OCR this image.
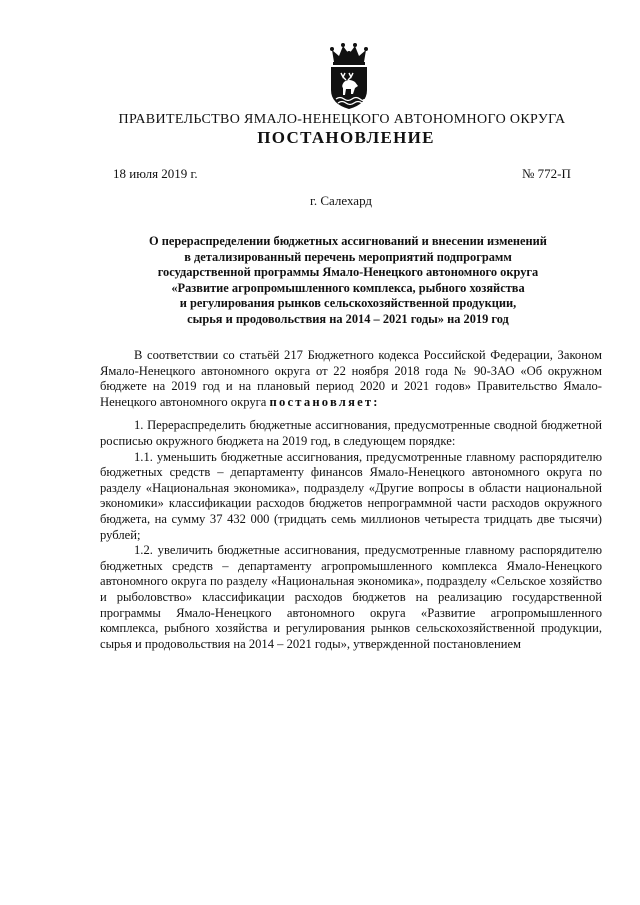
ПРАВИТЕЛЬСТВО ЯМАЛО-НЕНЕЦКОГО АВТОНОМНОГО ОКРУГА
ПОСТАНОВЛЕНИЕ
18 июля 2019 г.	№ 772-П
г. Салехард
О перераспределении бюджетных ассигнований и внесении изменений
в детализированный перечень мероприятий подпрограмм
государственной программы Ямало-Ненецкого автономного округа
«Развитие агропромышленного комплекса, рыбного хозяйства
и регулирования рынков сельскохозяйственной продукции,
сырья и продовольствия на 2014 – 2021 годы» на 2019 год

В соответствии со статьёй 217 Бюджетного кодекса Российской Федерации, Законом Ямало-Ненецкого автономного округа от 22 ноября 2018 года № 90-ЗАО «Об окружном бюджете на 2019 год и на плановый период 2020 и 2021 годов» Правительство Ямало-Ненецкого автономного округа постановляет:

1. Перераспределить бюджетные ассигнования, предусмотренные сводной бюджетной росписью окружного бюджета на 2019 год, в следующем порядке:

1.1. уменьшить бюджетные ассигнования, предусмотренные главному распорядителю бюджетных средств – департаменту финансов Ямало-Ненецкого автономного округа по разделу «Национальная экономика», подразделу «Другие вопросы в области национальной экономики» классификации расходов бюджетов непрограммной части расходов окружного бюджета, на сумму 37 432 000 (тридцать семь миллионов четыреста тридцать две тысячи) рублей;

1.2. увеличить бюджетные ассигнования, предусмотренные главному распорядителю бюджетных средств – департаменту агропромышленного комплекса Ямало-Ненецкого автономного округа по разделу «Национальная экономика», подразделу «Сельское хозяйство и рыболовство» классификации расходов бюджетов на реализацию государственной программы Ямало-Ненецкого автономного округа «Развитие агропромышленного комплекса, рыбного хозяйства и регулирования рынков сельскохозяйственной продукции, сырья и продовольствия на 2014 – 2021 годы», утвержденной постановлением
